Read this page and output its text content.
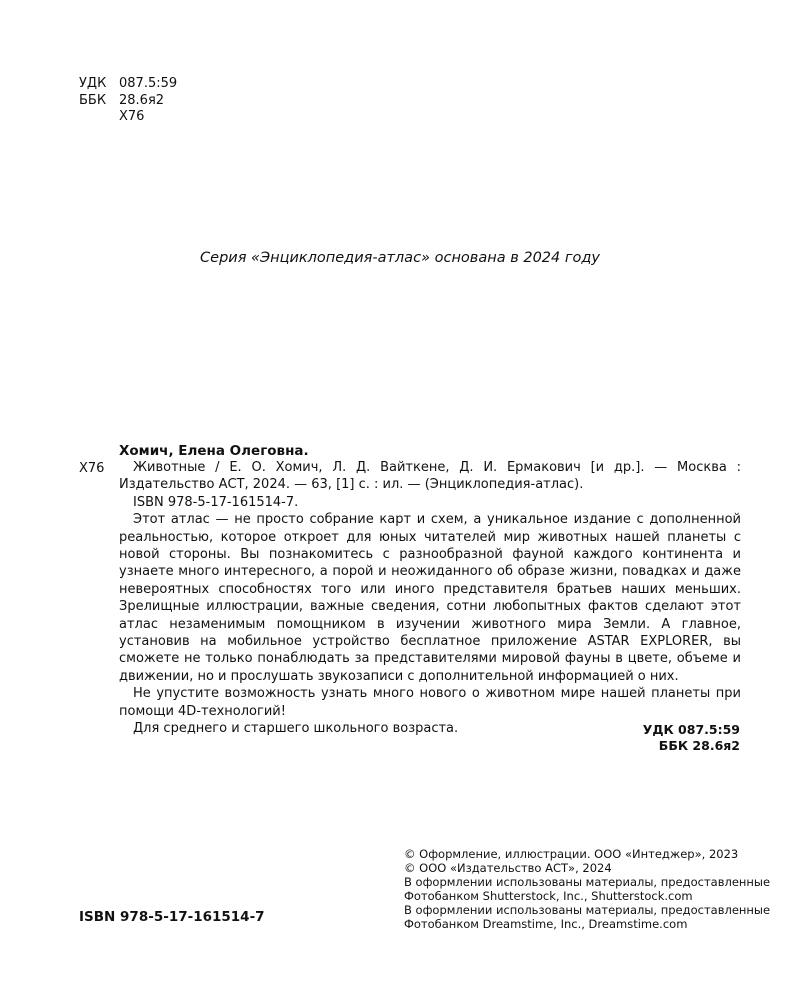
УДК 087.5:59
ББК 28.6я2
Х76
Серия «Энциклопедия-атлас» основана в 2024 году
Хомич, Елена Олеговна.
Х76	Животные / Е. О. Хомич, Л. Д. Вайткене, Д. И. Ермакович [и др.]. — Москва : Издательство АСТ, 2024. — 63, [1] с. : ил. — (Энциклопедия-атлас).

ISBN 978-5-17-161514-7.

Этот атлас — не просто собрание карт и схем, а уникальное издание с дополненной реальностью, которое откроет для юных читателей мир животных нашей планеты с новой стороны. Вы познакомитесь с разнообразной фауной каждого континента и узнаете много интересного, а порой и неожиданного об образе жизни, повадках и даже невероятных способностях того или иного представителя братьев наших меньших. Зрелищные иллюстрации, важные сведения, сотни любопытных фактов сделают этот атлас незаменимым помощником в изучении животного мира Земли. А главное, установив на мобильное устройство бесплатное приложение ASTAR EXPLORER, вы сможете не только понаблюдать за представителями мировой фауны в цвете, объеме и движении, но и прослушать звукозаписи с дополнительной информацией о них.

Не упустите возможность узнать много нового о животном мире нашей планеты при помощи 4D-технологий!

Для среднего и старшего школьного возраста.	УДК 087.5:59
ББК 28.6я2
© Оформление, иллюстрации. ООО «Интеджер», 2023
© ООО «Издательство АСТ», 2024
В оформлении использованы материалы, предоставленные
Фотобанком Shutterstock, Inc., Shutterstock.com
В оформлении использованы материалы, предоставленные
Фотобанком Dreamstime, Inc., Dreamstime.com
ISBN 978-5-17-161514-7
